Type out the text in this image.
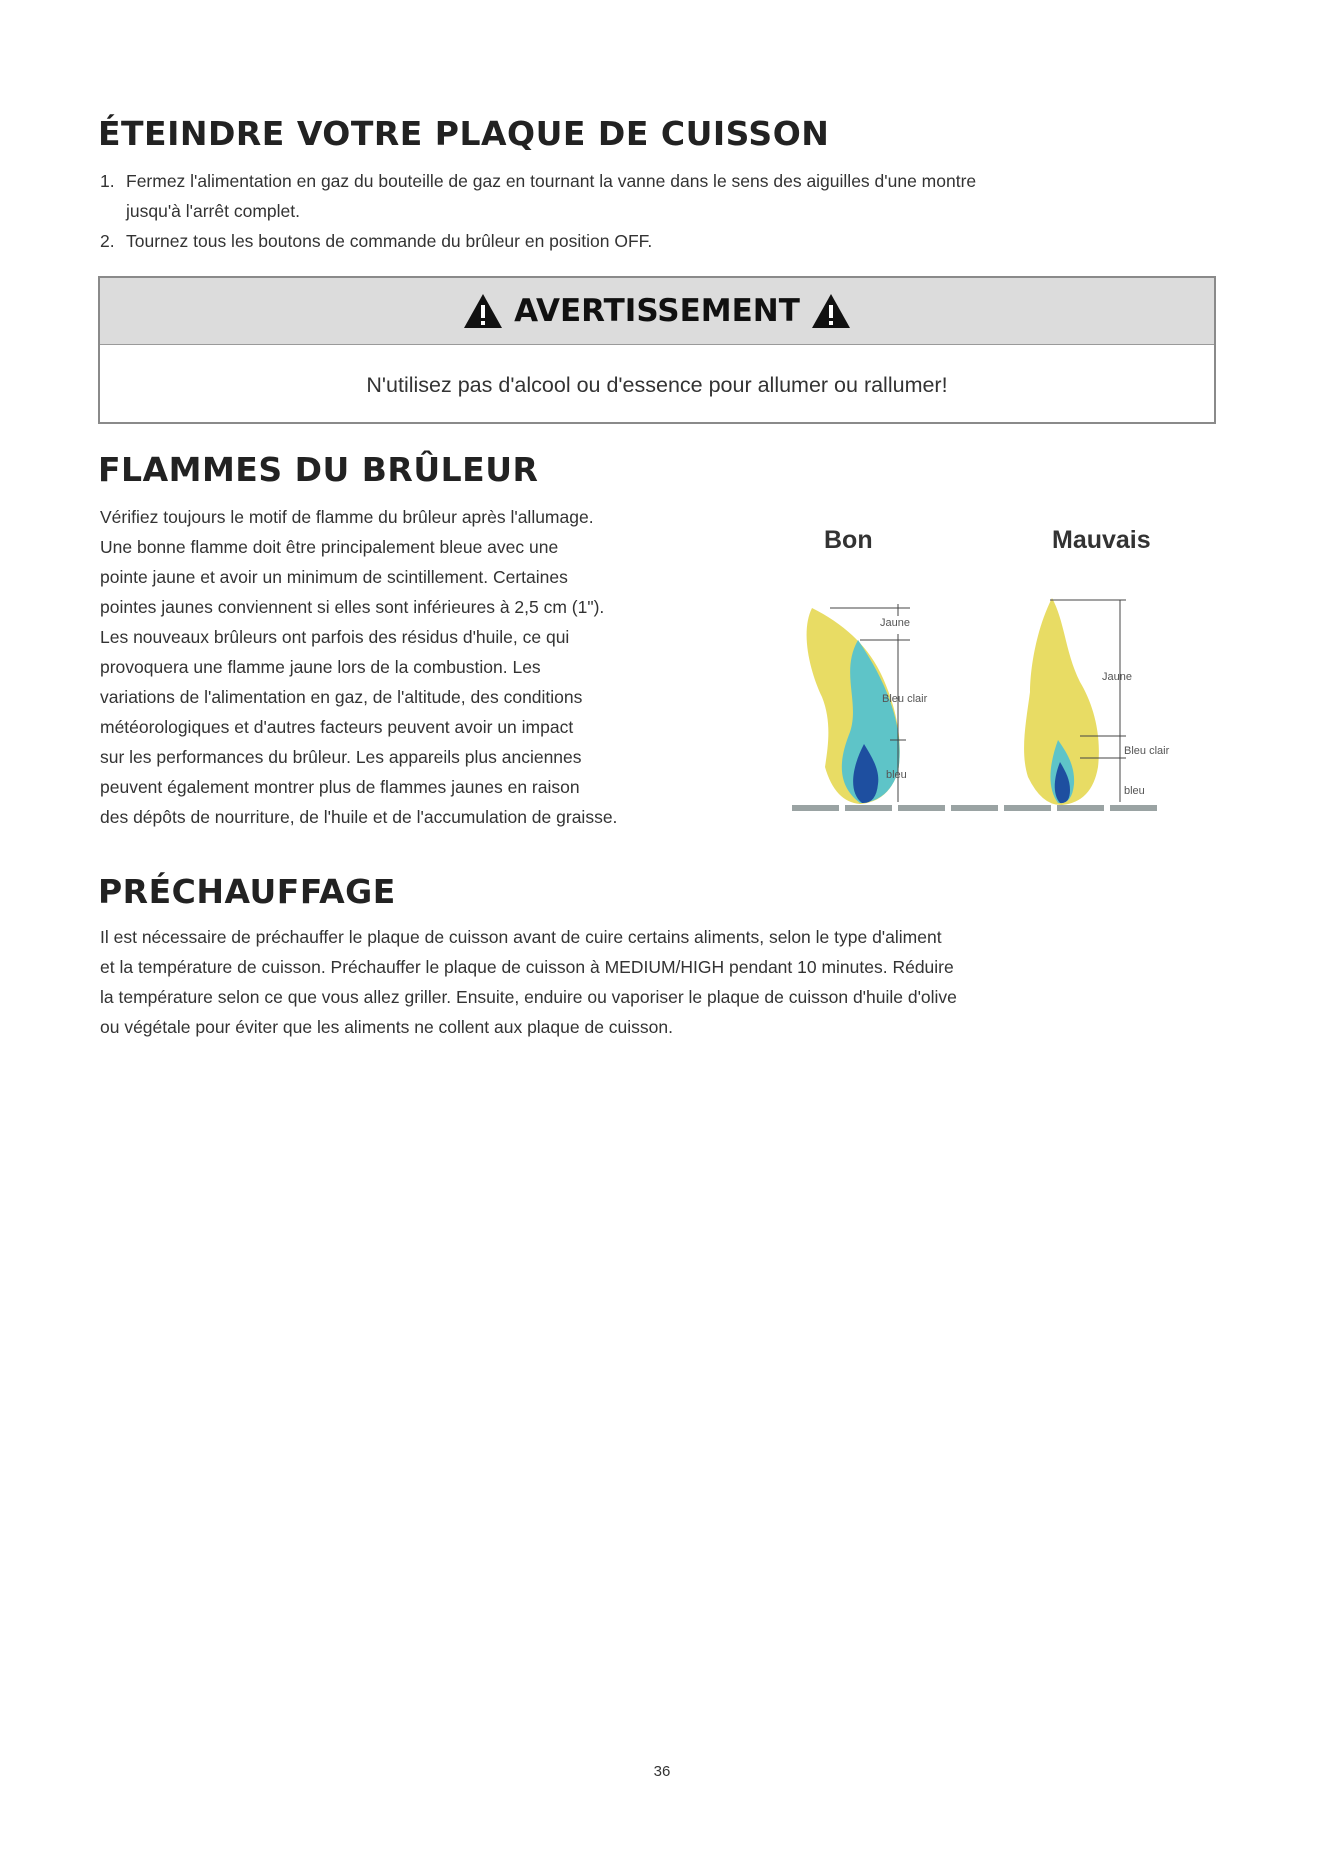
ÉTEINDRE VOTRE PLAQUE DE CUISSON
1. Fermez l'alimentation en gaz du bouteille de gaz en tournant la vanne dans le sens des aiguilles d'une montre
jusqu'à l'arrêt complet.
2. Tournez tous les boutons de commande du brûleur en position OFF.
AVERTISSEMENT
N'utilisez pas d'alcool ou d'essence pour allumer ou rallumer!
FLAMMES DU BRÛLEUR
Vérifiez toujours le motif de flamme du brûleur après l'allumage.
Une bonne flamme doit être principalement bleue avec une
pointe jaune et avoir un minimum de scintillement. Certaines
pointes jaunes conviennent si elles sont inférieures à 2,5 cm (1").
Les nouveaux brûleurs ont parfois des résidus d'huile, ce qui
provoquera une flamme jaune lors de la combustion. Les
variations de l'alimentation en gaz, de l'altitude, des conditions
météorologiques et d'autres facteurs peuvent avoir un impact
sur les performances du brûleur. Les appareils plus anciennes
peuvent également montrer plus de flammes jaunes en raison
des dépôts de nourriture, de l'huile et de l'accumulation de graisse.
Bon	Mauvais
Jaune
Bleu clair
bleu
Jaune
Bleu clair
bleu
PRÉCHAUFFAGE
Il est nécessaire de préchauffer le plaque de cuisson avant de cuire certains aliments, selon le type d'aliment
et la température de cuisson. Préchauffer le plaque de cuisson à MEDIUM/HIGH pendant 10 minutes. Réduire
la température selon ce que vous allez griller. Ensuite, enduire ou vaporiser le plaque de cuisson d'huile d'olive
ou végétale pour éviter que les aliments ne collent aux plaque de cuisson.
36
